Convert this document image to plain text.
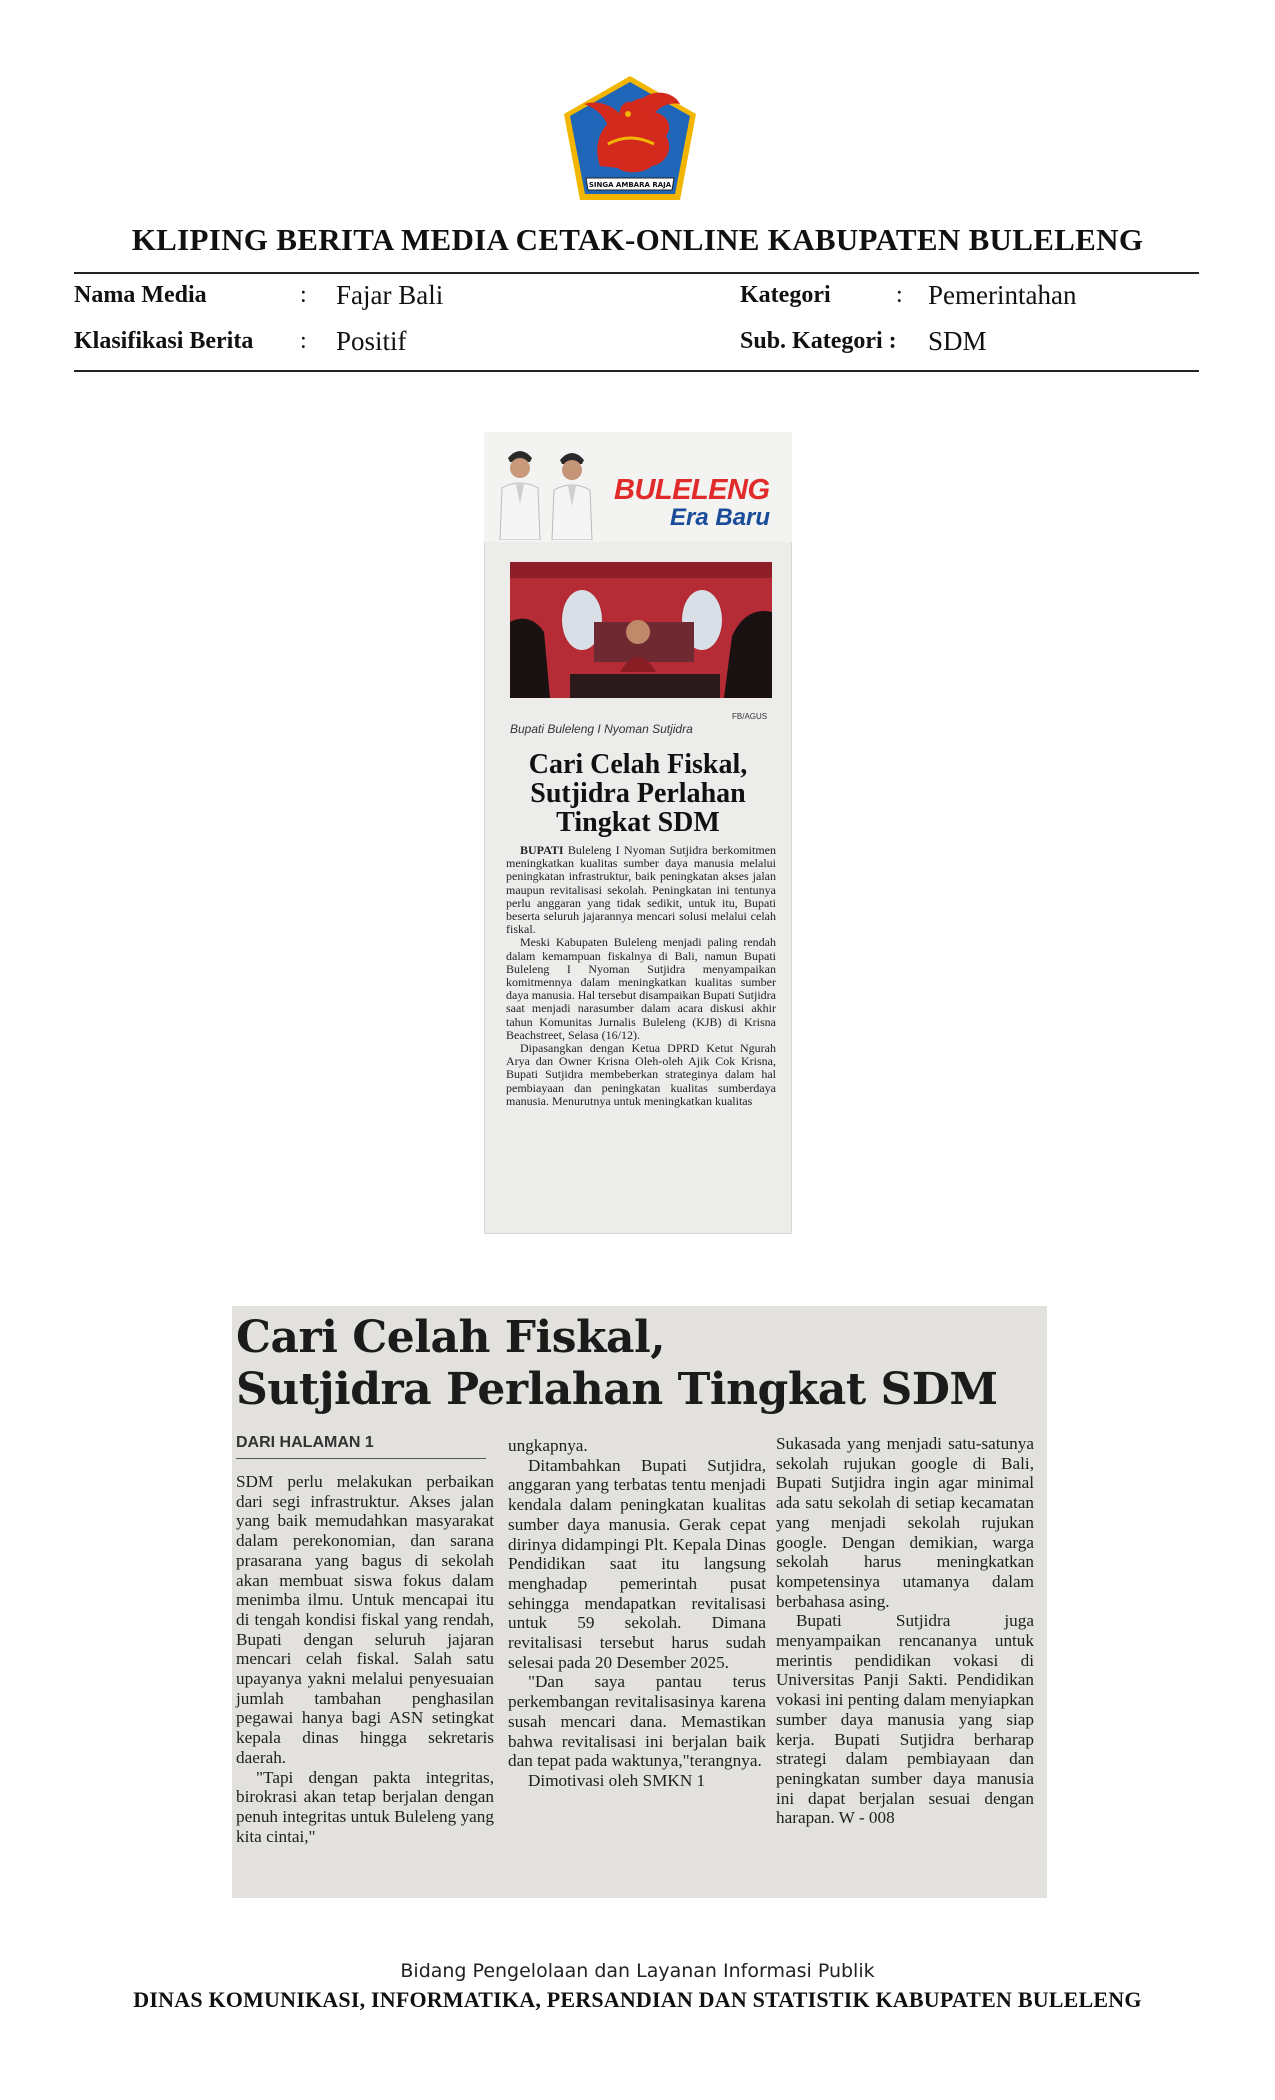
SINGA AMBARA RAJA
KLIPING BERITA MEDIA CETAK-ONLINE KABUPATEN BULELENG
Nama Media	: Fajar Bali
Klasifikasi Berita : Positif
Kategori	: Pemerintahan
Sub. Kategori : SDM
BULELENG
Era Baru
FB/AGUS
Bupati Buleleng I Nyoman Sutjidra
Cari Celah Fiskal,
Sutjidra Perlahan
Tingkat SDM

BUPATI Buleleng I Nyoman Sutjidra berkomitmen meningkatkan kualitas sumber daya manusia melalui peningkatan infrastruktur, baik peningkatan akses jalan maupun revitalisasi sekolah. Peningkatan ini tentunya perlu anggaran yang tidak sedikit, untuk itu, Bupati beserta seluruh jajarannya mencari solusi melalui celah fiskal.

Meski Kabupaten Buleleng menjadi paling rendah dalam kemampuan fiskalnya di Bali, namun Bupati Buleleng I Nyoman Sutjidra menyampaikan komitmennya dalam meningkatkan kualitas sumber daya manusia. Hal tersebut disampaikan Bupati Sutjidra saat menjadi narasumber dalam acara diskusi akhir tahun Komunitas Jurnalis Buleleng (KJB) di Krisna Beachstreet, Selasa (16/12).

Dipasangkan dengan Ketua DPRD Ketut Ngurah Arya dan Owner Krisna Oleh-oleh Ajik Cok Krisna, Bupati Sutjidra membeberkan strateginya dalam hal pembiayaan dan peningkatan kualitas sumberdaya manusia. Menurutnya untuk meningkatkan kualitas

Cari Celah Fiskal,
Sutjidra Perlahan Tingkat SDM
DARI HALAMAN 1

SDM perlu melakukan perbaikan dari segi infrastruktur. Akses jalan yang baik memudahkan masyarakat dalam perekonomian, dan sarana prasarana yang bagus di sekolah akan membuat siswa fokus dalam menimba ilmu. Untuk mencapai itu di tengah kondisi fiskal yang rendah, Bupati dengan seluruh jajaran mencari celah fiskal. Salah satu upayanya yakni melalui penyesuaian jumlah tambahan penghasilan pegawai hanya bagi ASN setingkat kepala dinas hingga sekretaris daerah.

"Tapi dengan pakta integritas, birokrasi akan tetap berjalan dengan penuh integritas untuk Buleleng yang kita cintai,"

ungkapnya.

Ditambahkan Bupati Sutjidra, anggaran yang terbatas tentu menjadi kendala dalam peningkatan kualitas sumber daya manusia. Gerak cepat dirinya didampingi Plt. Kepala Dinas Pendidikan saat itu langsung menghadap pemerintah pusat sehingga mendapatkan revitalisasi untuk 59 sekolah. Dimana revitalisasi tersebut harus sudah selesai pada 20 Desember 2025.

"Dan saya pantau terus perkembangan revitalisasinya karena susah mencari dana. Memastikan bahwa revitalisasi ini berjalan baik dan tepat pada waktunya,"terangnya.

Dimotivasi oleh SMKN 1

Sukasada yang menjadi satu-satunya sekolah rujukan google di Bali, Bupati Sutjidra ingin agar minimal ada satu sekolah di setiap kecamatan yang menjadi sekolah rujukan google. Dengan demikian, warga sekolah harus meningkatkan kompetensinya utamanya dalam berbahasa asing.

Bupati Sutjidra juga menyampaikan rencananya untuk merintis pendidikan vokasi di Universitas Panji Sakti. Pendidikan vokasi ini penting dalam menyiapkan sumber daya manusia yang siap kerja. Bupati Sutjidra berharap strategi dalam pembiayaan dan peningkatan sumber daya manusia ini dapat berjalan sesuai dengan harapan. W - 008

Bidang Pengelolaan dan Layanan Informasi Publik
DINAS KOMUNIKASI, INFORMATIKA, PERSANDIAN DAN STATISTIK KABUPATEN BULELENG
